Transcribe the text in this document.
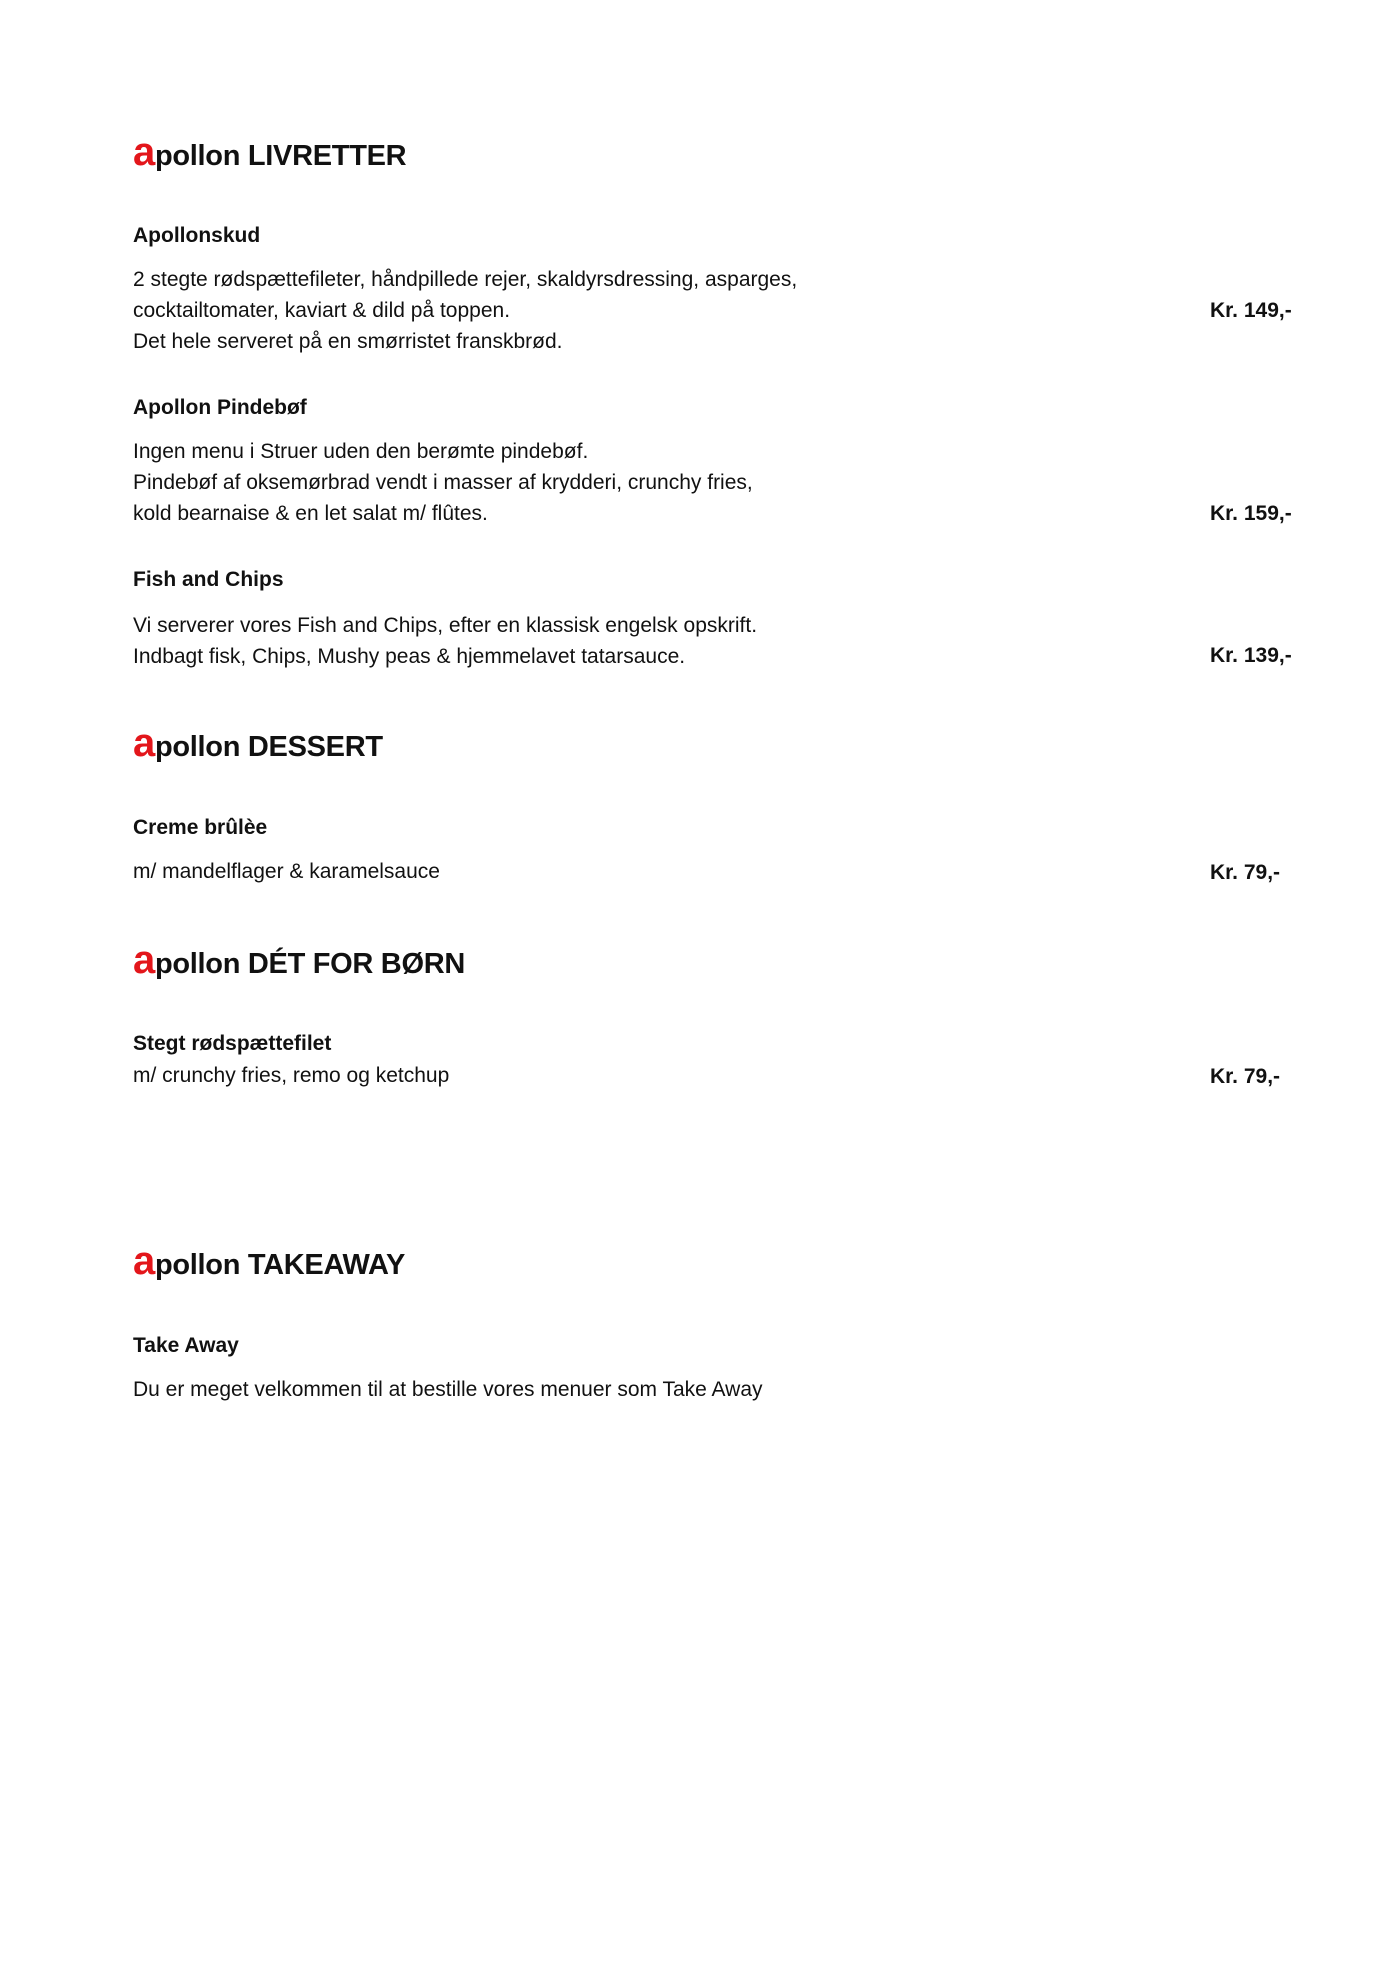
apollon LIVRETTER
Apollonskud
2 stegte rødspættefileter, håndpillede rejer, skaldyrsdressing, asparges,
cocktailtomater, kaviart & dild på toppen.
Det hele serveret på en smørristet franskbrød.
Kr. 149,-
Apollon Pindebøf
Ingen menu i Struer uden den berømte pindebøf.
Pindebøf af oksemørbrad vendt i masser af krydderi, crunchy fries,
kold bearnaise & en let salat m/ flûtes.	Kr. 159,-
Fish and Chips
Vi serverer vores Fish and Chips, efter en klassisk engelsk opskrift.
Indbagt fisk, Chips, Mushy peas & hjemmelavet tatarsauce.	Kr. 139,-
apollon DESSERT
Creme brûlèe
m/ mandelflager & karamelsauce	Kr. 79,-
apollon DÉT FOR BØRN
Stegt rødspættefilet
m/ crunchy fries, remo og ketchup	Kr. 79,-
apollon TAKEAWAY
Take Away
Du er meget velkommen til at bestille vores menuer som Take Away
